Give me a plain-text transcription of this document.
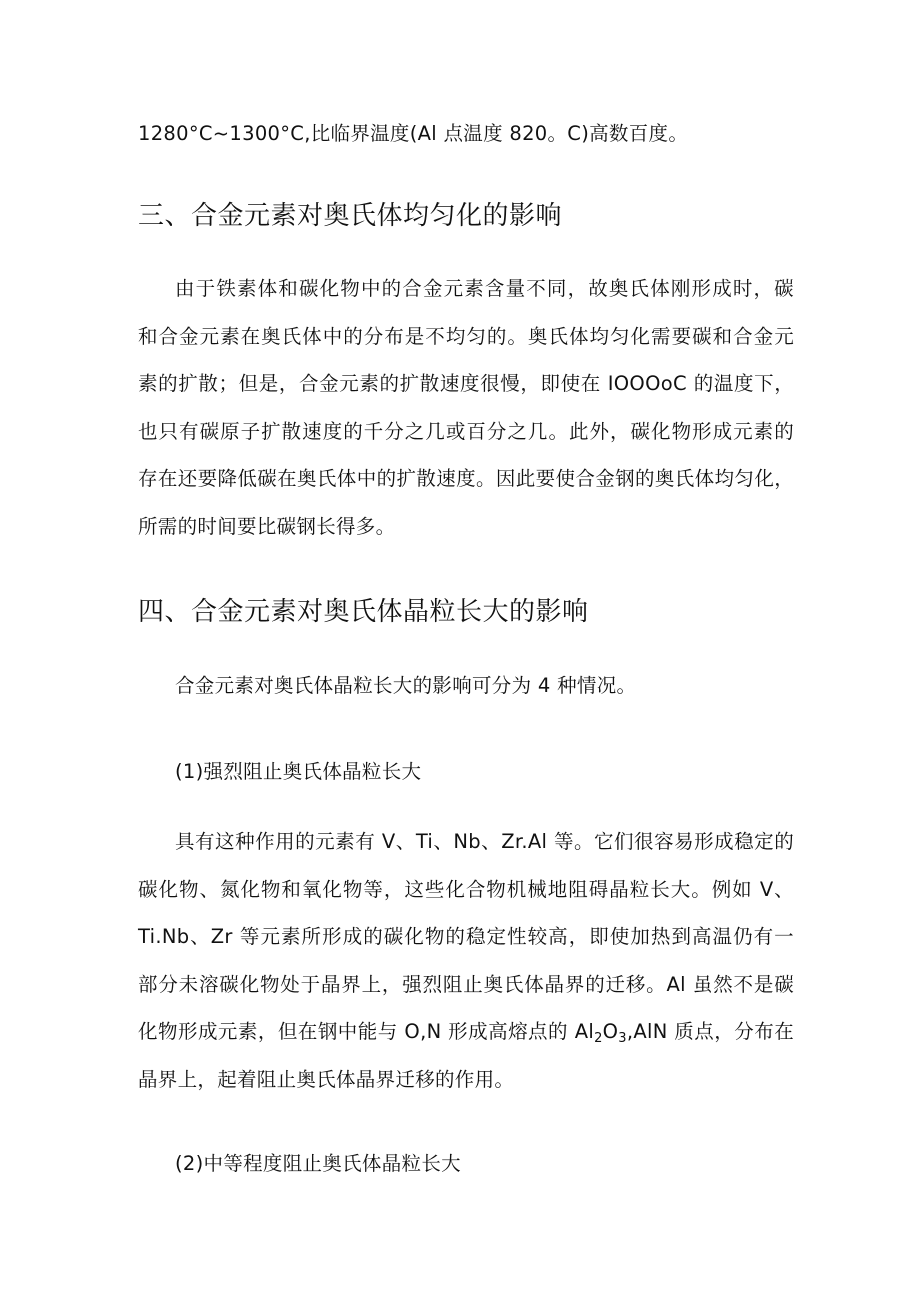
1280°C~1300°C,比临界温度(Al 点温度 820。C)高数百度。
三、合金元素对奥氏体均匀化的影响
由于铁素体和碳化物中的合金元素含量不同，故奥氏体刚形成时，碳
和合金元素在奥氏体中的分布是不均匀的。奥氏体均匀化需要碳和合金元
素的扩散；但是，合金元素的扩散速度很慢，即使在 IOOOoC 的温度下，
也只有碳原子扩散速度的千分之几或百分之几。此外，碳化物形成元素的
存在还要降低碳在奥氏体中的扩散速度。因此要使合金钢的奥氏体均匀化，
所需的时间要比碳钢长得多。
四、合金元素对奥氏体晶粒长大的影响
合金元素对奥氏体晶粒长大的影响可分为 4 种情况。
(1)强烈阻止奥氏体晶粒长大
具有这种作用的元素有 V、Ti、Nb、Zr.Al 等。它们很容易形成稳定的
碳化物、氮化物和氧化物等，这些化合物机械地阻碍晶粒长大。例如 V、
Ti.Nb、Zr 等元素所形成的碳化物的稳定性较高，即使加热到高温仍有一
部分未溶碳化物处于晶界上，强烈阻止奥氏体晶界的迁移。Al 虽然不是碳
化物形成元素，但在钢中能与 O,N 形成高熔点的 $Al_2O_3,AlN$ 质点，分布在
晶界上，起着阻止奥氏体晶界迁移的作用。
(2)中等程度阻止奥氏体晶粒长大
